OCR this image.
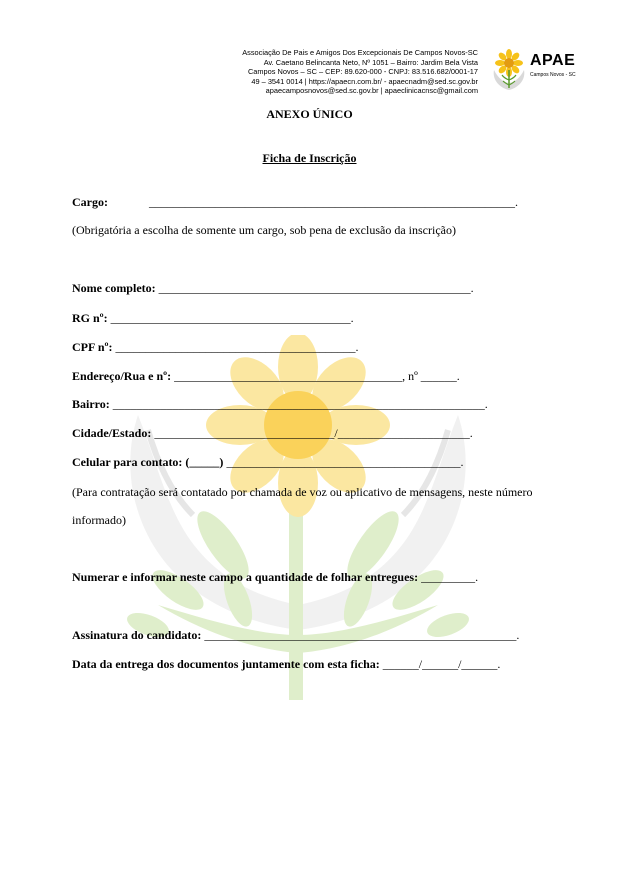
Associação De Pais e Amigos Dos Excepcionais De Campos Novos-SC
Av. Caetano Belincanta Neto, Nº 1051 – Bairro: Jardim Bela Vista
Campos Novos – SC – CEP: 89.620-000 - CNPJ: 83.516.682/0001-17
49 – 3541 0014 | https://apaecn.com.br/ - apaecnadm@sed.sc.gov.br
apaecamposnovos@sed.sc.gov.br | apaeclinicacnsc@gmail.com
APAE
Campos Novos - SC
ANEXO ÚNICO
Ficha de Inscrição
Cargo:	_____________________________________________________________.
(Obrigatória a escolha de somente um cargo, sob pena de exclusão da inscrição)
Nome completo: ____________________________________________________.
RG nº: ________________________________________.
CPF nº: ________________________________________.
Endereço/Rua e nº: ______________________________________, nº ______.
Bairro: ______________________________________________________________.
Cidade/Estado: ______________________________/______________________.
Celular para contato: (_____) _______________________________________.
(Para contratação será contatado por chamada de voz ou aplicativo de mensagens, neste número
informado)
Numerar e informar neste campo a quantidade de folhar entregues: _________.
Assinatura do candidato: ____________________________________________________.
Data da entrega dos documentos juntamente com esta ficha: ______/______/______.
